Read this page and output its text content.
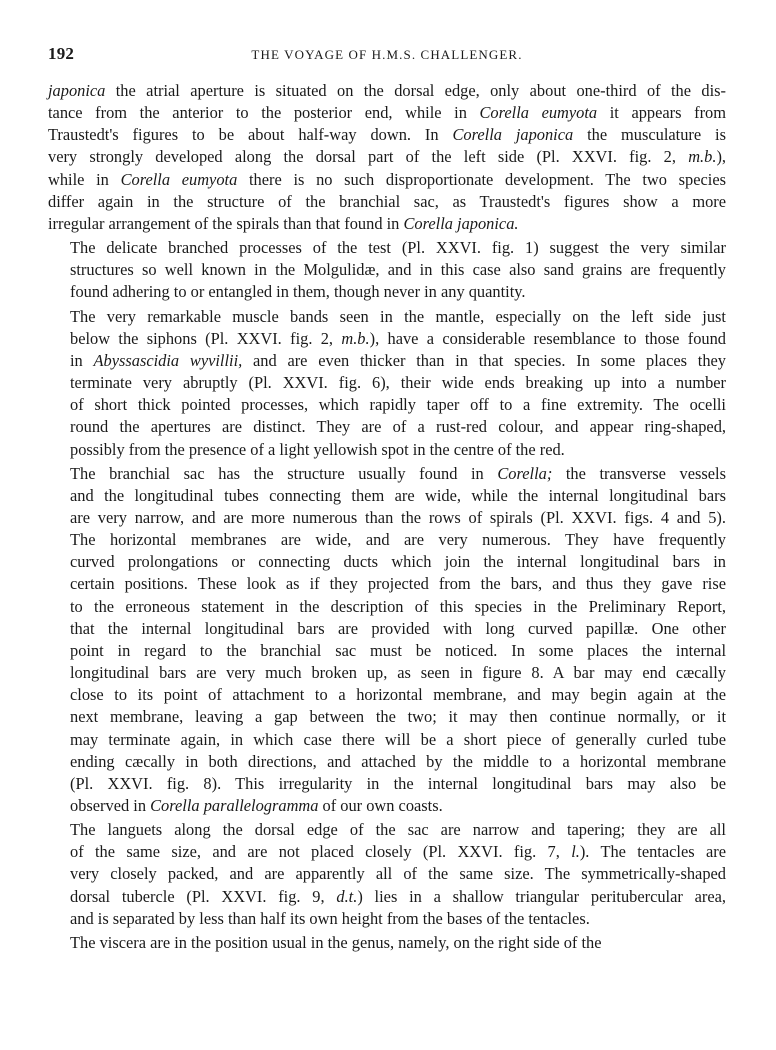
192	THE VOYAGE OF H.M.S. CHALLENGER.

japonica the atrial aperture is situated on the dorsal edge, only about one-third of the dis-
tance from the anterior to the posterior end, while in Corella eumyota it appears from
Traustedt's figures to be about half-way down. In Corella japonica the musculature is
very strongly developed along the dorsal part of the left side (Pl. XXVI. fig. 2, m.b.),
while in Corella eumyota there is no such disproportionate development. The two species
differ again in the structure of the branchial sac, as Traustedt's figures show a more
irregular arrangement of the spirals than that found in Corella japonica.

The delicate branched processes of the test (Pl. XXVI. fig. 1) suggest the very similar
structures so well known in the Molgulidæ, and in this case also sand grains are frequently
found adhering to or entangled in them, though never in any quantity.

The very remarkable muscle bands seen in the mantle, especially on the left side just
below the siphons (Pl. XXVI. fig. 2, m.b.), have a considerable resemblance to those found
in Abyssascidia wyvillii, and are even thicker than in that species. In some places they
terminate very abruptly (Pl. XXVI. fig. 6), their wide ends breaking up into a number
of short thick pointed processes, which rapidly taper off to a fine extremity. The ocelli
round the apertures are distinct. They are of a rust-red colour, and appear ring-shaped,
possibly from the presence of a light yellowish spot in the centre of the red.

The branchial sac has the structure usually found in Corella; the transverse vessels
and the longitudinal tubes connecting them are wide, while the internal longitudinal bars
are very narrow, and are more numerous than the rows of spirals (Pl. XXVI. figs. 4 and 5).
The horizontal membranes are wide, and are very numerous. They have frequently
curved prolongations or connecting ducts which join the internal longitudinal bars in
certain positions. These look as if they projected from the bars, and thus they gave rise
to the erroneous statement in the description of this species in the Preliminary Report,
that the internal longitudinal bars are provided with long curved papillæ. One other
point in regard to the branchial sac must be noticed. In some places the internal
longitudinal bars are very much broken up, as seen in figure 8. A bar may end cæcally
close to its point of attachment to a horizontal membrane, and may begin again at the
next membrane, leaving a gap between the two; it may then continue normally, or it
may terminate again, in which case there will be a short piece of generally curled tube
ending cæcally in both directions, and attached by the middle to a horizontal membrane
(Pl. XXVI. fig. 8). This irregularity in the internal longitudinal bars may also be
observed in Corella parallelogramma of our own coasts.

The languets along the dorsal edge of the sac are narrow and tapering; they are all
of the same size, and are not placed closely (Pl. XXVI. fig. 7, l.). The tentacles are
very closely packed, and are apparently all of the same size. The symmetrically-shaped
dorsal tubercle (Pl. XXVI. fig. 9, d.t.) lies in a shallow triangular peritubercular area,
and is separated by less than half its own height from the bases of the tentacles.

The viscera are in the position usual in the genus, namely, on the right side of the
